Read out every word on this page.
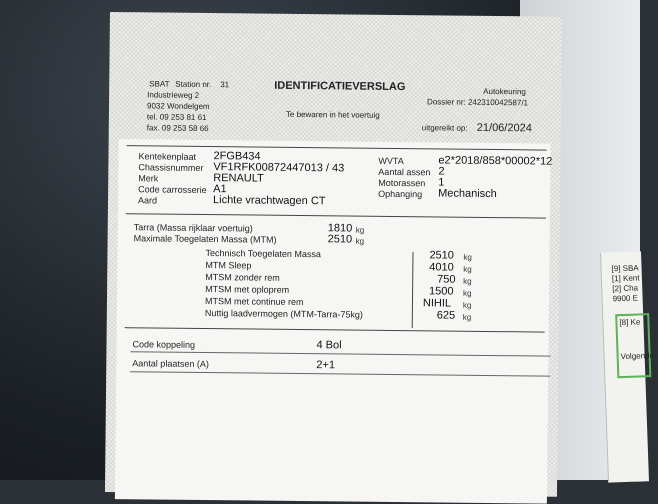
[9] SBA
[1] Kent
[2] Cha
9900 E
[8] Ke
Volgende
SBAT Station nr. 31
Industrieweg 2
9032 Wondelgem
tel. 09 253 81 61
fax. 09 253 58 66
IDENTIFICATIEVERSLAG
Te bewaren in het voertuig
Autokeuring
Dossier nr: 242310042587/1
uitgereikt op: 21/06/2024
Kentekenplaat 2FGB434
Chassisnummer VF1RFK00872447013 / 43
Merk	RENAULT
Code carrosserie A1
Aard	Lichte vrachtwagen CT
WVTA	e2*2018/858*00002*12
Aantal assen 2
Motorassen 1
Ophanging Mechanisch
Tarra (Massa rijklaar voertuig)	1810 kg
Maximale Toegelaten Massa (MTM)	2510 kg
Technisch Toegelaten Massa	2510 kg
MTM Sleep	4010 kg
MTSM zonder rem	750 kg
MTSM met oploprem	1500 kg
MTSM met continue rem	NIHIL kg
Nuttig laadvermogen (MTM-Tarra-75kg)	625 kg
Code koppeling	4 Bol
Aantal plaatsen (A)	2+1
